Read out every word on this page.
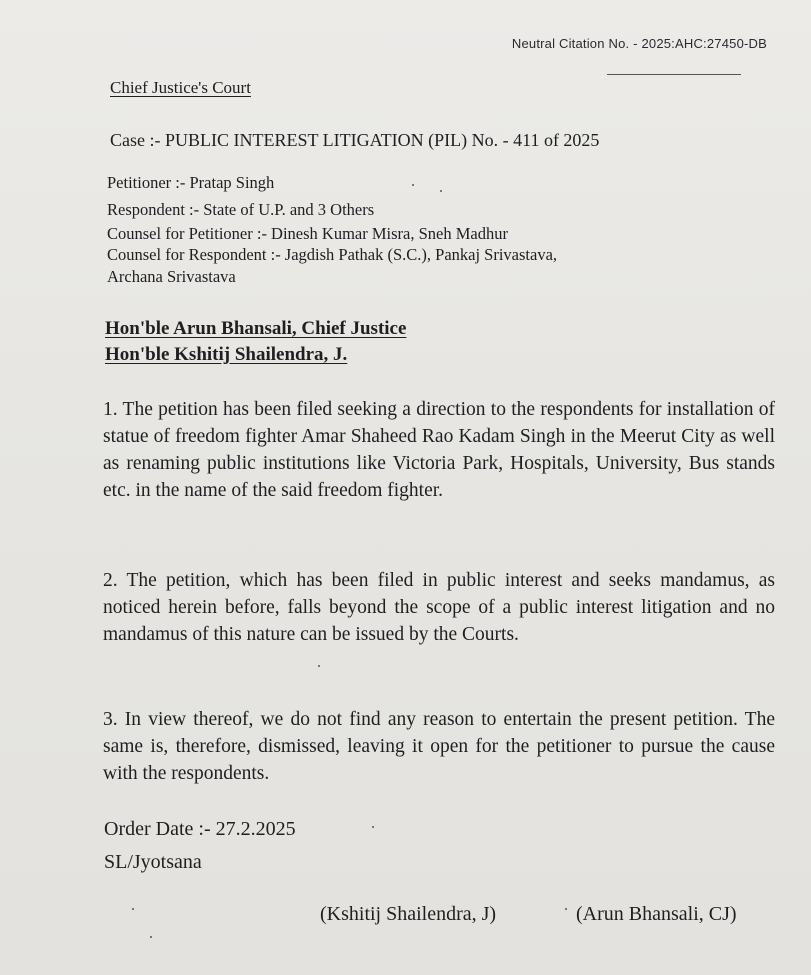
Neutral Citation No. - 2025:AHC:27450-DB
Chief Justice's Court
Case :- PUBLIC INTEREST LITIGATION (PIL) No. - 411 of 2025
Petitioner :- Pratap Singh
Respondent :- State of U.P. and 3 Others
Counsel for Petitioner :- Dinesh Kumar Misra, Sneh Madhur
Counsel for Respondent :- Jagdish Pathak (S.C.), Pankaj Srivastava,
Archana Srivastava
Hon'ble Arun Bhansali, Chief Justice
Hon'ble Kshitij Shailendra, J.
1. The petition has been filed seeking a direction to the respondents for installation of statue of freedom fighter Amar Shaheed Rao Kadam Singh in the Meerut City as well as renaming public institutions like Victoria Park, Hospitals, University, Bus stands etc. in the name of the said freedom fighter.
2. The petition, which has been filed in public interest and seeks mandamus, as noticed herein before, falls beyond the scope of a public interest litigation and no mandamus of this nature can be issued by the Courts.
3. In view thereof, we do not find any reason to entertain the present petition. The same is, therefore, dismissed, leaving it open for the petitioner to pursue the cause with the respondents.
Order Date :- 27.2.2025
SL/Jyotsana
(Kshitij Shailendra, J)	(Arun Bhansali, CJ)
